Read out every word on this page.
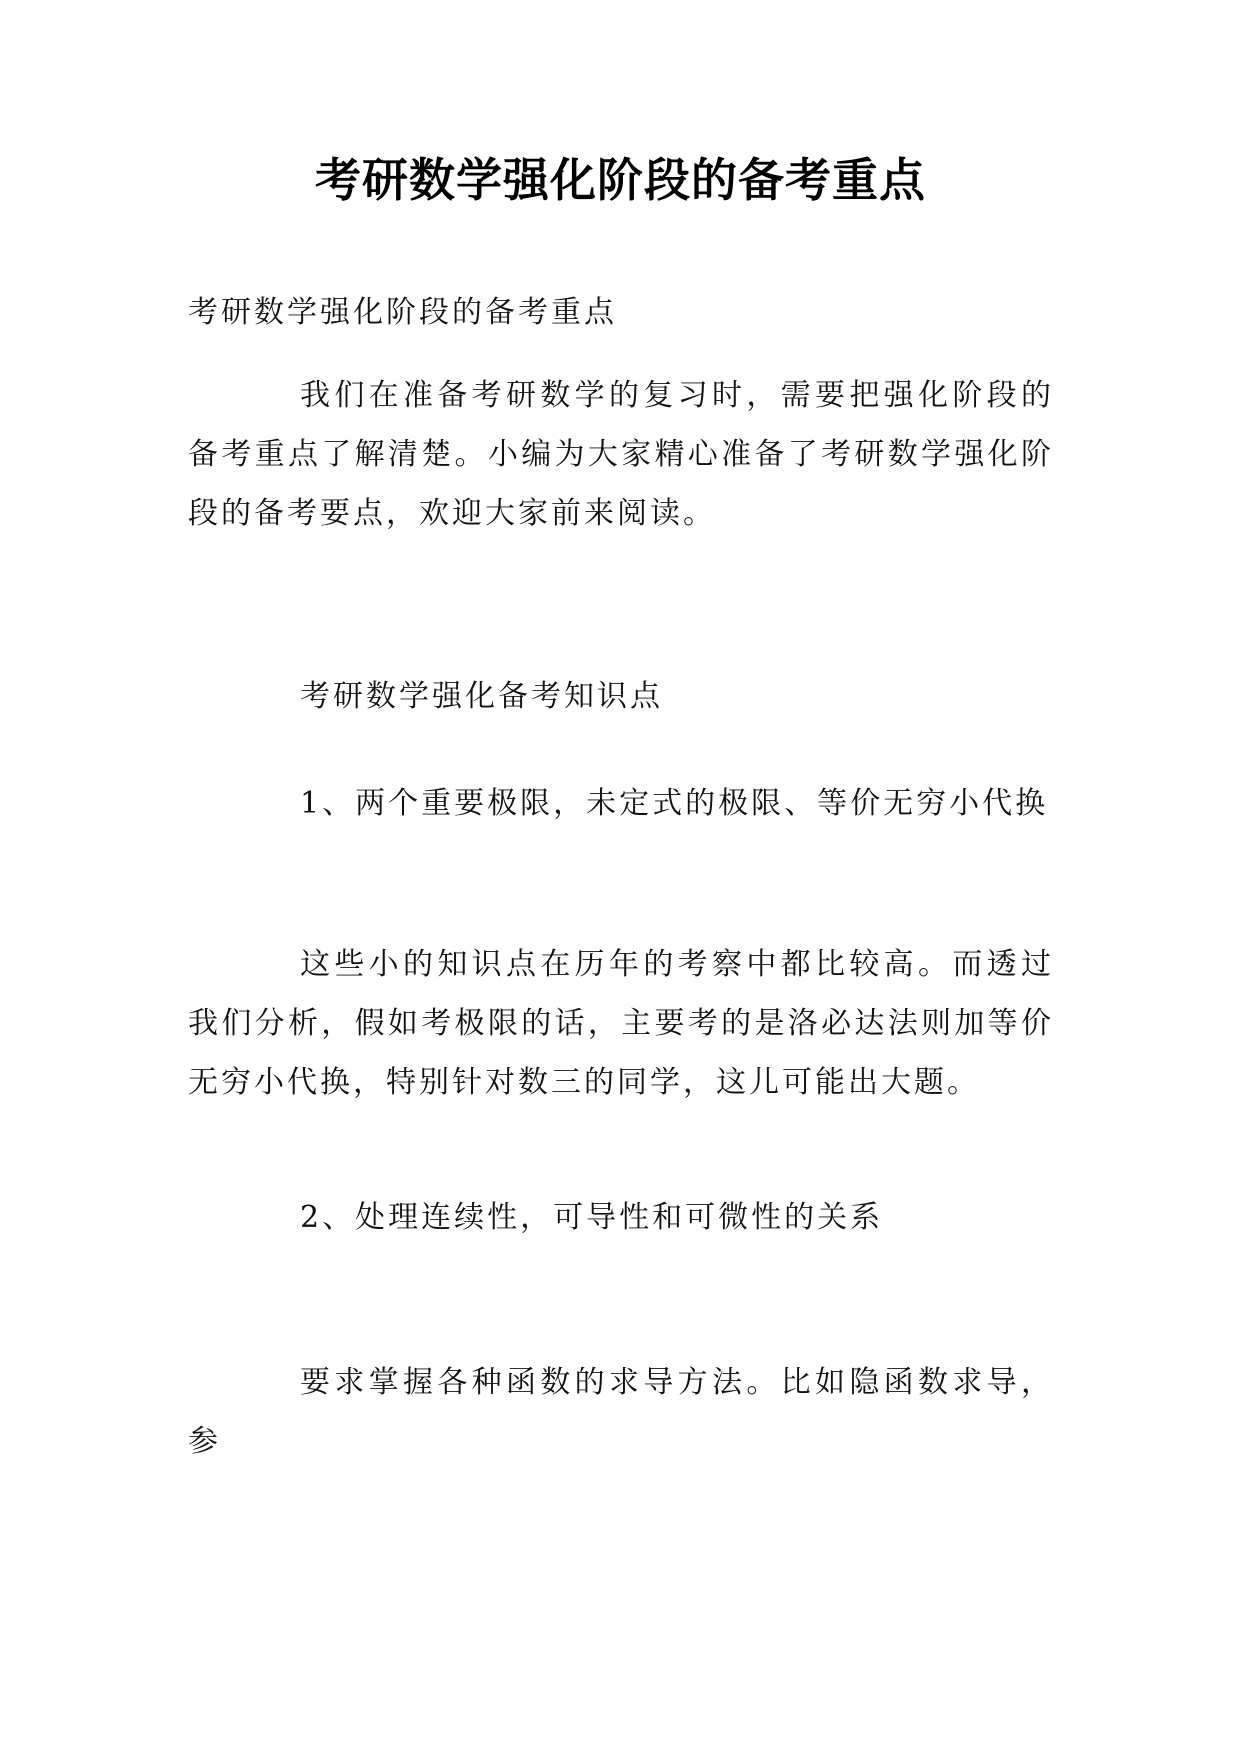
考研数学强化阶段的备考重点
考研数学强化阶段的备考重点

我们在准备考研数学的复习时，需要把强化阶段的备考重点了解清楚。小编为大家精心准备了考研数学强化阶段的备考要点，欢迎大家前来阅读。

考研数学强化备考知识点
1、两个重要极限，未定式的极限、等价无穷小代换

这些小的知识点在历年的考察中都比较高。而透过我们分析，假如考极限的话，主要考的是洛必达法则加等价无穷小代换，特别针对数三的同学，这儿可能出大题。

2、处理连续性，可导性和可微性的关系

要求掌握各种函数的求导方法。比如隐函数求导，参
